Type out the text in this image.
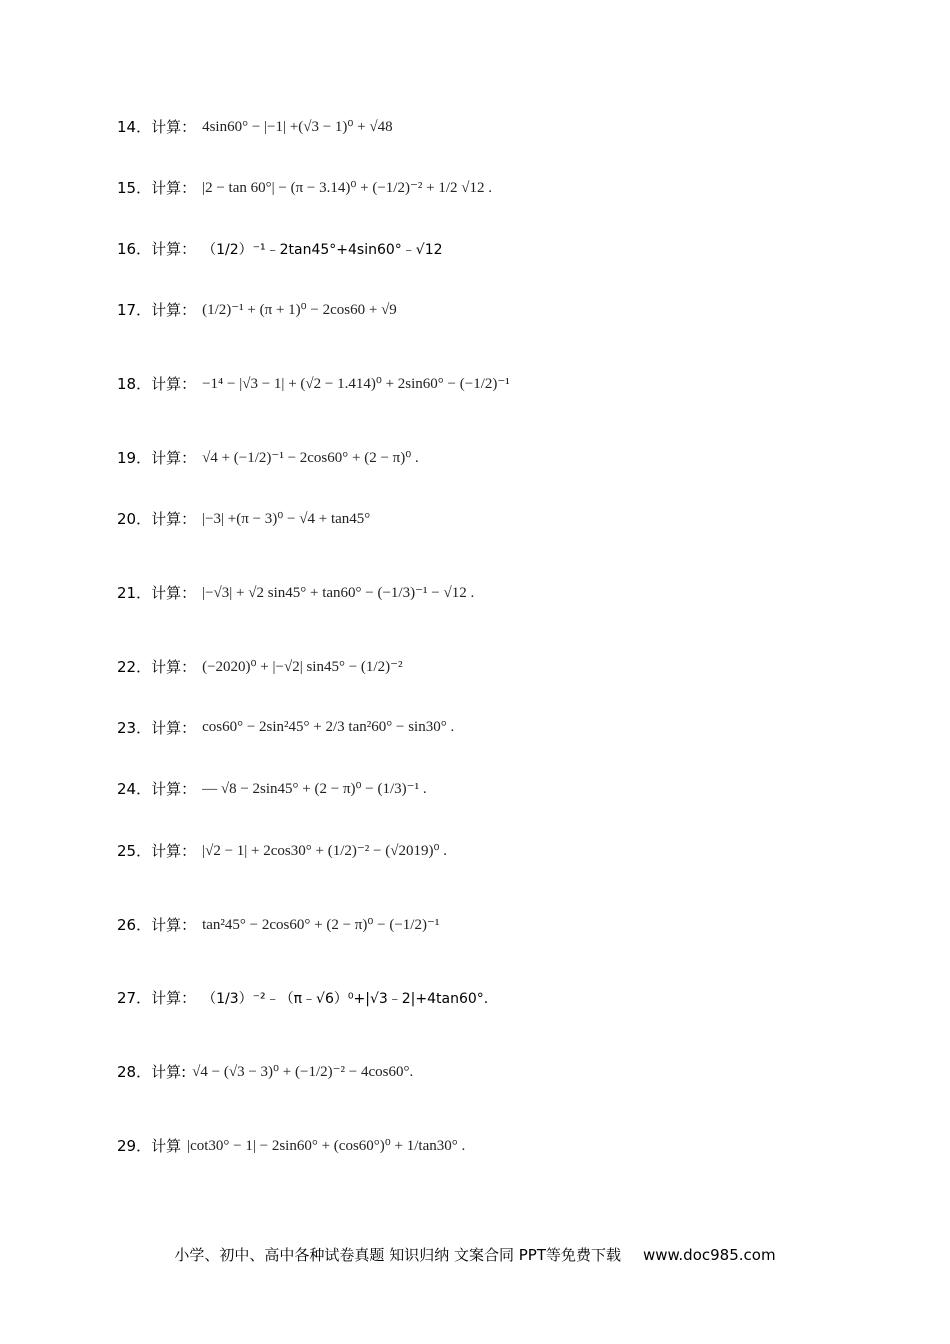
14．计算： 4sin60° − |−1| +(√3 − 1)⁰ + √48
15．计算： |2 − tan 60°| − (π − 3.14)⁰ + (−1/2)⁻² + 1/2 √12 .
16．计算： （1/2）⁻¹﹣2tan45°+4sin60°﹣√12
17．计算： (1/2)⁻¹ + (π + 1)⁰ − 2cos60 + √9
18．计算： −1⁴ − |√3 − 1| + (√2 − 1.414)⁰ + 2sin60° − (−1/2)⁻¹
19．计算： √4 + (−1/2)⁻¹ − 2cos60° + (2 − π)⁰ .
20．计算： |−3| +(π − 3)⁰ − √4 + tan45°
21．计算： |−√3| + √2 sin45° + tan60° − (−1/3)⁻¹ − √12 .
22．计算： (−2020)⁰ + |−√2| sin45° − (1/2)⁻²
23．计算： cos60° − 2sin²45° + 2/3 tan²60° − sin30° .
24．计算： — √8 − 2sin45° + (2 − π)⁰ − (1/3)⁻¹ .
25．计算： |√2 − 1| + 2cos30° + (1/2)⁻² − (√2019)⁰ .
26．计算： tan²45° − 2cos60° + (2 − π)⁰ − (−1/2)⁻¹
27．计算： （1/3）⁻²﹣（π﹣√6）⁰+|√3﹣2|+4tan60°.
28．计算: √4 − (√3 − 3)⁰ + (−1/2)⁻² − 4cos60°.
29．计算 |cot30° − 1| − 2sin60° + (cos60°)⁰ + 1/tan30° .
小学、初中、高中各种试卷真题 知识归纳 文案合同 PPT等免费下载 www.doc985.com
